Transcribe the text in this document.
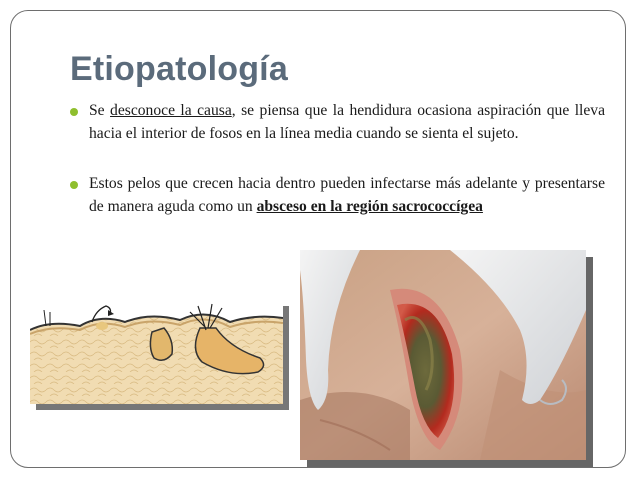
Etiopatología
Se desconoce la causa, se piensa que la hendidura ocasiona aspiración que lleva hacia el interior de fosos en la línea media cuando se sienta el sujeto.
Estos pelos que crecen hacia dentro pueden infectarse más adelante y presentarse de manera aguda como un absceso en la región sacrococcígea
